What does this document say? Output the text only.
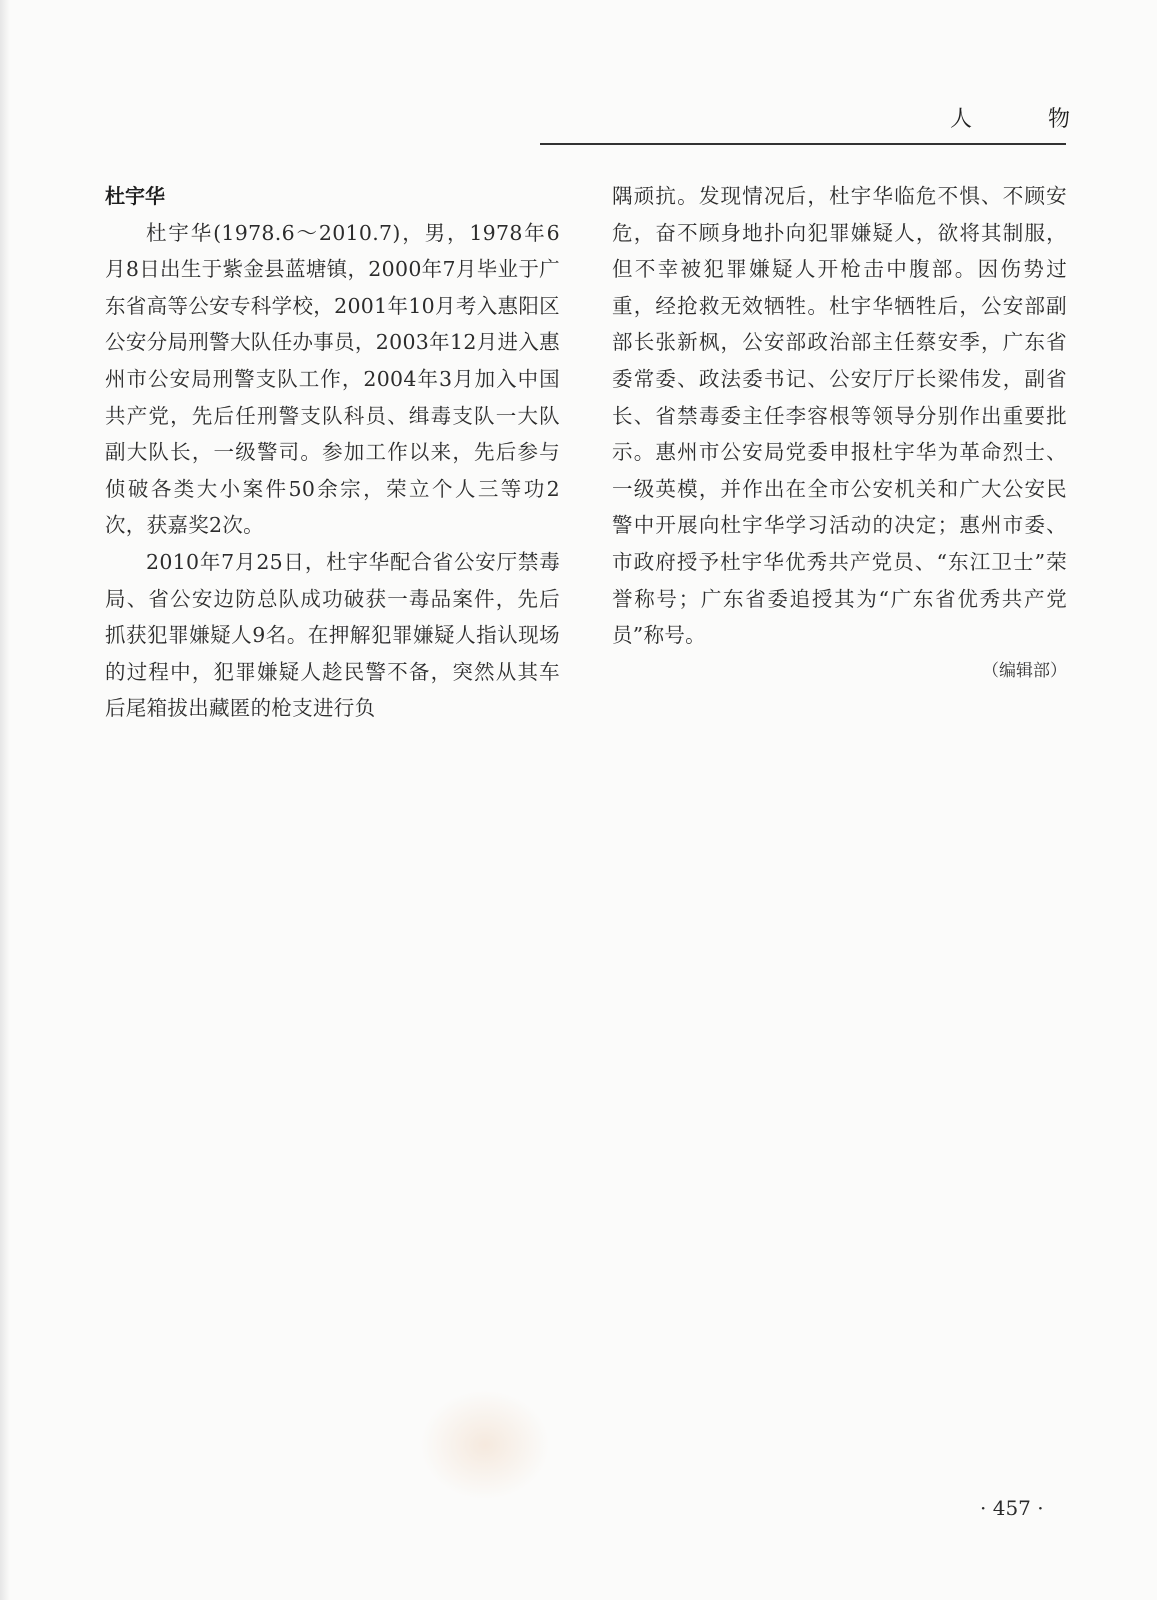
人	物
杜宇华

杜宇华(1978.6～2010.7)，男，1978年6月8日出生于紫金县蓝塘镇，2000年7月毕业于广东省高等公安专科学校，2001年10月考入惠阳区公安分局刑警大队任办事员，2003年12月进入惠州市公安局刑警支队工作，2004年3月加入中国共产党，先后任刑警支队科员、缉毒支队一大队副大队长，一级警司。参加工作以来，先后参与侦破各类大小案件50余宗，荣立个人三等功2次，获嘉奖2次。

2010年7月25日，杜宇华配合省公安厅禁毒局、省公安边防总队成功破获一毒品案件，先后抓获犯罪嫌疑人9名。在押解犯罪嫌疑人指认现场的过程中，犯罪嫌疑人趁民警不备，突然从其车后尾箱拔出藏匿的枪支进行负

隅顽抗。发现情况后，杜宇华临危不惧、不顾安危，奋不顾身地扑向犯罪嫌疑人，欲将其制服，但不幸被犯罪嫌疑人开枪击中腹部。因伤势过重，经抢救无效牺牲。杜宇华牺牲后，公安部副部长张新枫，公安部政治部主任蔡安季，广东省委常委、政法委书记、公安厅厅长梁伟发，副省长、省禁毒委主任李容根等领导分别作出重要批示。惠州市公安局党委申报杜宇华为革命烈士、一级英模，并作出在全市公安机关和广大公安民警中开展向杜宇华学习活动的决定；惠州市委、市政府授予杜宇华优秀共产党员、“东江卫士”荣誉称号；广东省委追授其为“广东省优秀共产党员”称号。

（编辑部）

· 457 ·
